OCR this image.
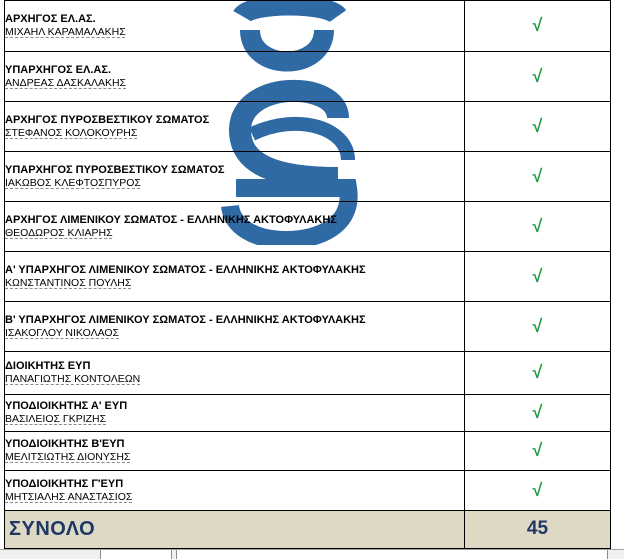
ΑΡΧΗΓΟΣ ΕΛ.ΑΣ.
ΜΙΧΑΗΛ ΚΑΡΑΜΑΛΑΚΗΣ	√

ΥΠΑΡΧΗΓΟΣ ΕΛ.ΑΣ.
ΑΝΔΡΕΑΣ ΔΑΣΚΑΛΑΚΗΣ	√

ΑΡΧΗΓΟΣ ΠΥΡΟΣΒΕΣΤΙΚΟΥ ΣΩΜΑΤΟΣ
ΣΤΕΦΑΝΟΣ ΚΟΛΟΚΟΥΡΗΣ	√

ΥΠΑΡΧΗΓΟΣ ΠΥΡΟΣΒΕΣΤΙΚΟΥ ΣΩΜΑΤΟΣ
ΙΑΚΩΒΟΣ ΚΛΕΦΤΟΣΠΥΡΟΣ	√

ΑΡΧΗΓΟΣ ΛΙΜΕΝΙΚΟΥ ΣΩΜΑΤΟΣ - ΕΛΛΗΝΙΚΗΣ ΑΚΤΟΦΥΛΑΚΗΣ
ΘΕΟΔΩΡΟΣ ΚΛΙΑΡΗΣ	√

Α' ΥΠΑΡΧΗΓΟΣ ΛΙΜΕΝΙΚΟΥ ΣΩΜΑΤΟΣ - ΕΛΛΗΝΙΚΗΣ ΑΚΤΟΦΥΛΑΚΗΣ
ΚΩΝΣΤΑΝΤΙΝΟΣ ΠΟΥΛΗΣ	√

Β' ΥΠΑΡΧΗΓΟΣ ΛΙΜΕΝΙΚΟΥ ΣΩΜΑΤΟΣ - ΕΛΛΗΝΙΚΗΣ ΑΚΤΟΦΥΛΑΚΗΣ
ΙΣΑΚΟΓΛΟΥ ΝΙΚΟΛΑΟΣ	√

ΔΙΟΙΚΗΤΗΣ ΕΥΠ
ΠΑΝΑΓΙΩΤΗΣ ΚΟΝΤΟΛΕΩΝ	√

ΥΠΟΔΙΟΙΚΗΤΗΣ Α' ΕΥΠ
ΒΑΣΙΛΕΙΟΣ ΓΚΡΙΖΗΣ	√

ΥΠΟΔΙΟΙΚΗΤΗΣ Β'ΕΥΠ
ΜΕΛΙΤΣΙΩΤΗΣ ΔΙΟΝΥΣΗΣ	√

ΥΠΟΔΙΟΙΚΗΤΗΣ Γ'ΕΥΠ
ΜΗΤΣΙΑΛΗΣ ΑΝΑΣΤΑΣΙΟΣ	√
ΣΥΝΟΛΟ	45
